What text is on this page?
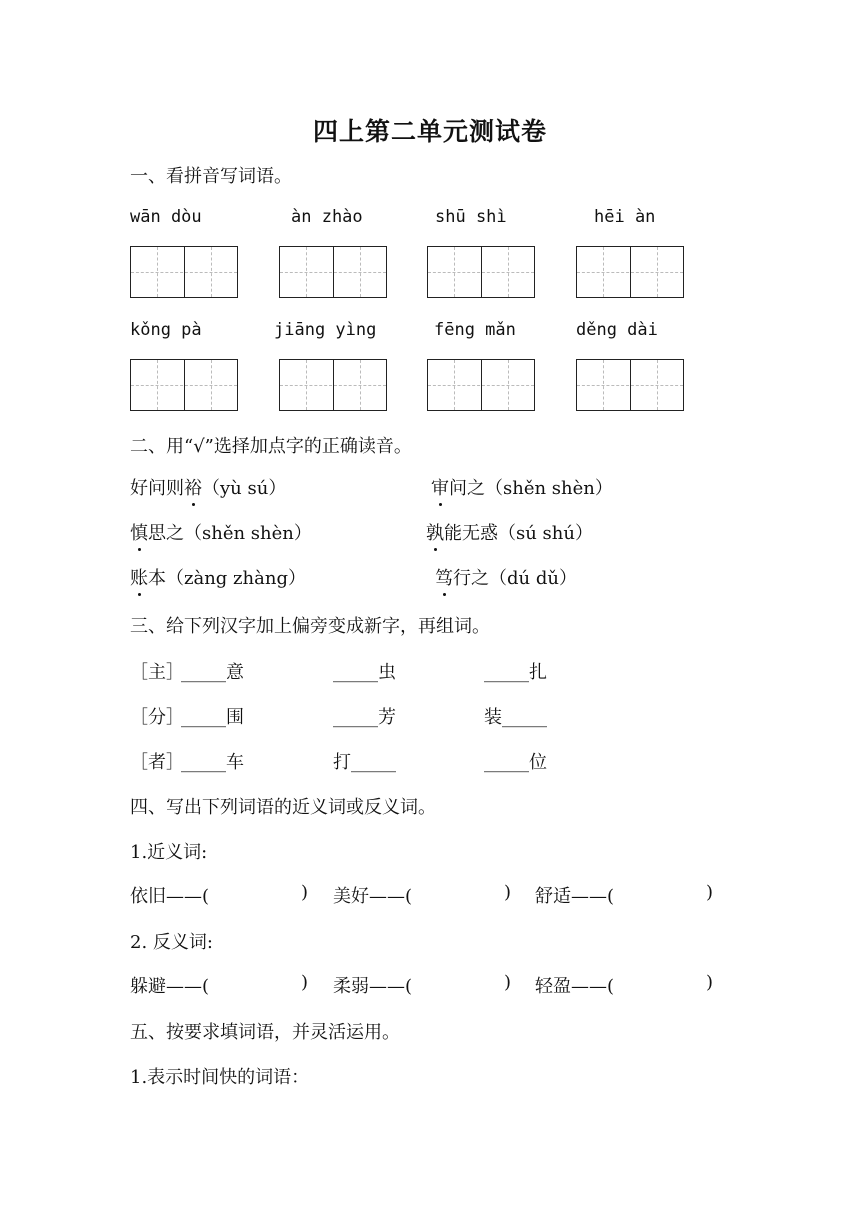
四上第二单元测试卷
一、看拼音写词语。
wān dòu	àn zhào	shū shì	hēi àn
kǒng pà	jiāng yìng	fēng mǎn	děng dài
二、用“√”选择加点字的正确读音。
好问则裕（yù sú）	审问之（shěn shèn）
慎思之（shěn shèn）	孰能无惑（sú shú）
账本（zàng zhàng）	笃行之（dú dǔ）
三、给下列汉字加上偏旁变成新字，再组词。
［主］
_____意	_____虫	_____扎
［分］
_____围	_____芳	装_____
［者］
_____车	打_____	_____位
四、写出下列词语的近义词或反义词。
1.近义词:
依旧——(	) 美好——(	) 舒适——(	)
2. 反义词:
躲避——(	) 柔弱——(	) 轻盈——(	)
五、按要求填词语，并灵活运用。
1.表示时间快的词语：
